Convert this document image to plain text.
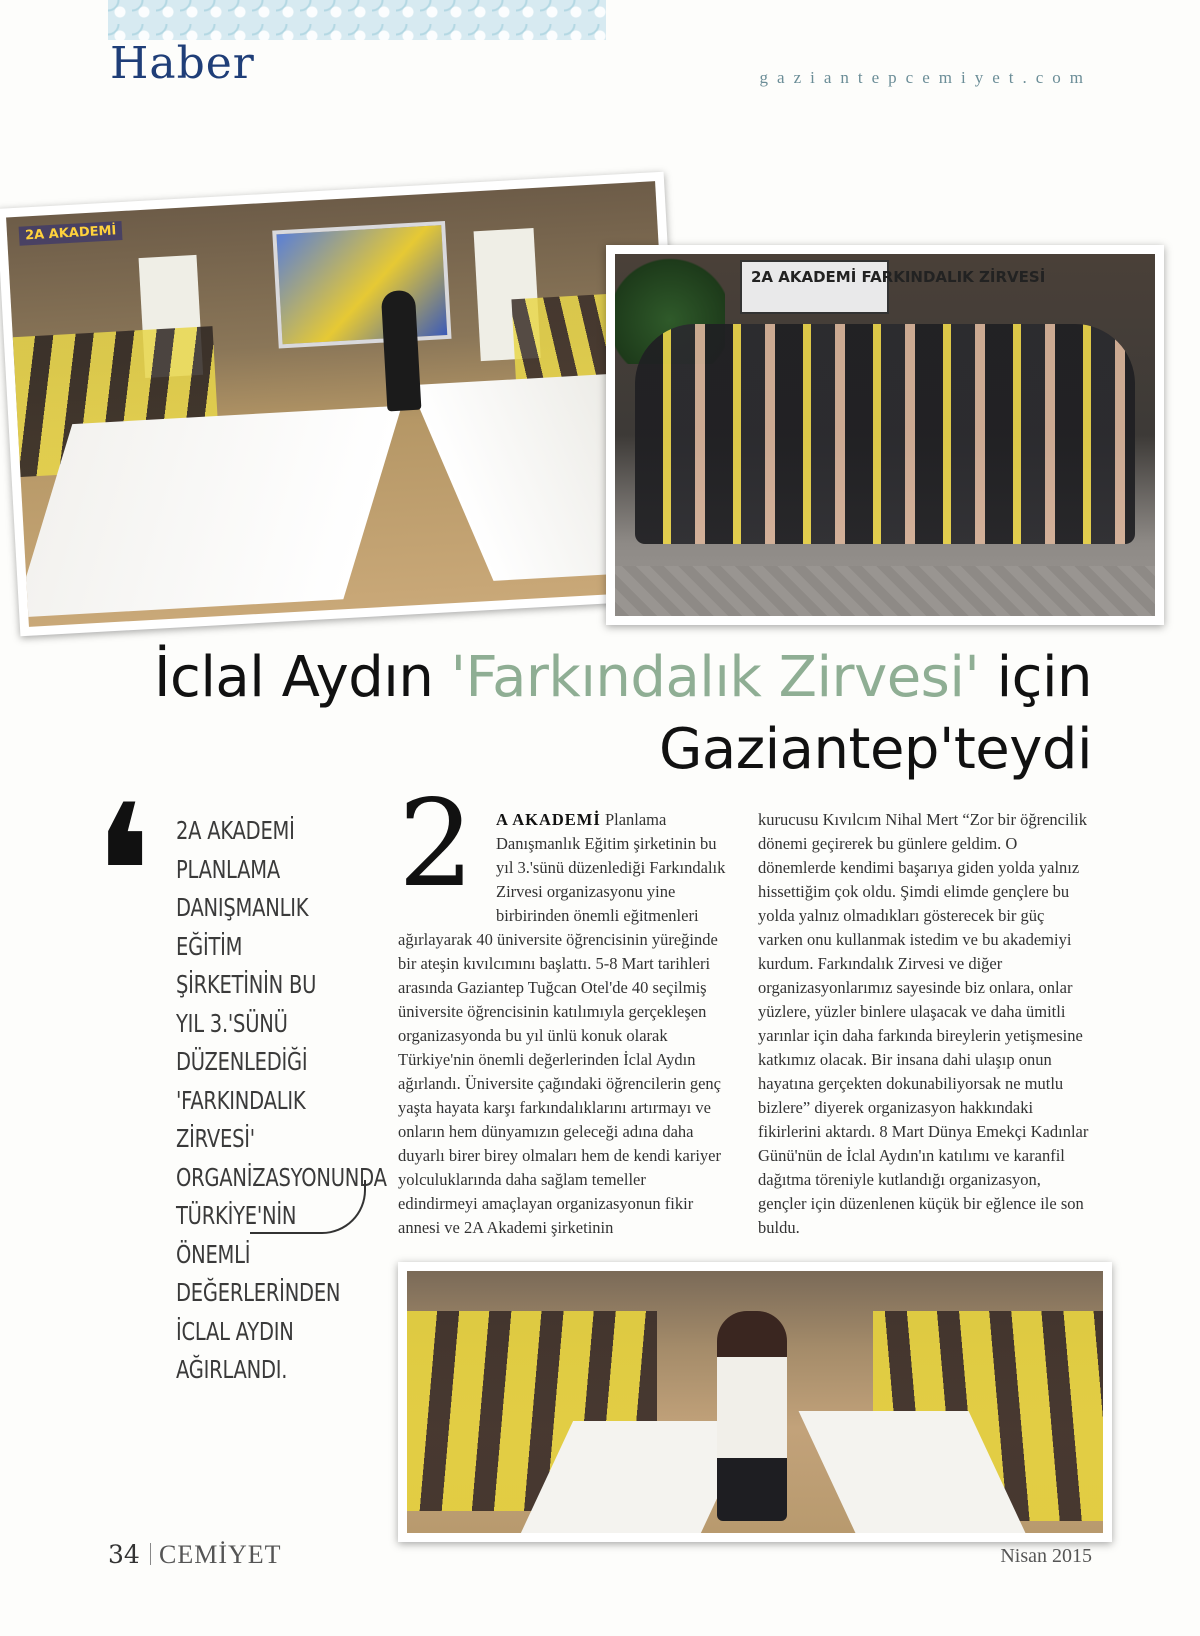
Haber	gaziantepcemiyet.com
2A AKADEMİ
2A AKADEMİ FARKINDALIK ZİRVESİ
İclal Aydın 'Farkındalık Zirvesi' için
Gaziantep'teydi
❛ 2A AKADEMİ PLANLAMA DANIŞMANLIK EĞİTİM ŞİRKETİNİN BU YIL 3.'SÜNÜ DÜZENLEDİĞİ 'FARKINDALIK ZİRVESİ' ORGANİZASYONUNDA TÜRKİYE'NİN ÖNEMLİ DEĞERLERİNDEN İCLAL AYDIN AĞIRLANDI.
2 A AKADEMİ Planlama Danışmanlık Eğitim şirketinin bu yıl 3.'sünü düzenlediği Farkındalık Zirvesi organizasyonu yine birbirinden önemli eğitmenleri
ağırlayarak 40 üniversite öğrencisinin yüreğinde bir ateşin kıvılcımını başlattı. 5-8 Mart tarihleri arasında Gaziantep Tuğcan Otel'de 40 seçilmiş üniversite öğrencisinin katılımıyla gerçekleşen organizasyonda bu yıl ünlü konuk olarak Türkiye'nin önemli değerlerinden İclal Aydın ağırlandı. Üniversite çağındaki öğrencilerin genç yaşta hayata karşı farkındalıklarını artırmayı ve onların hem dünyamızın geleceği adına daha duyarlı birer birey olmaları hem de kendi kariyer yolculuklarında daha sağlam temeller edindirmeyi amaçlayan organizasyonun fikir annesi ve 2A Akademi şirketinin
kurucusu Kıvılcım Nihal Mert “Zor bir öğrencilik dönemi geçirerek bu günlere geldim. O dönemlerde kendimi başarıya giden yolda yalnız hissettiğim çok oldu. Şimdi elimde gençlere bu yolda yalnız olmadıkları gösterecek bir güç varken onu kullanmak istedim ve bu akademiyi kurdum. Farkındalık Zirvesi ve diğer organizasyonlarımız sayesinde biz onlara, onlar yüzlere, yüzler binlere ulaşacak ve daha ümitli yarınlar için daha farkında bireylerin yetişmesine katkımız olacak. Bir insana dahi ulaşıp onun hayatına gerçekten dokunabiliyorsak ne mutlu bizlere” diyerek organizasyon hakkındaki fikirlerini aktardı. 8 Mart Dünya Emekçi Kadınlar Günü'nün de İclal Aydın'ın katılımı ve karanfil dağıtma töreniyle kutlandığı organizasyon, gençler için düzenlenen küçük bir eğlence ile son buldu.
34 CEMİYET	Nisan 2015
